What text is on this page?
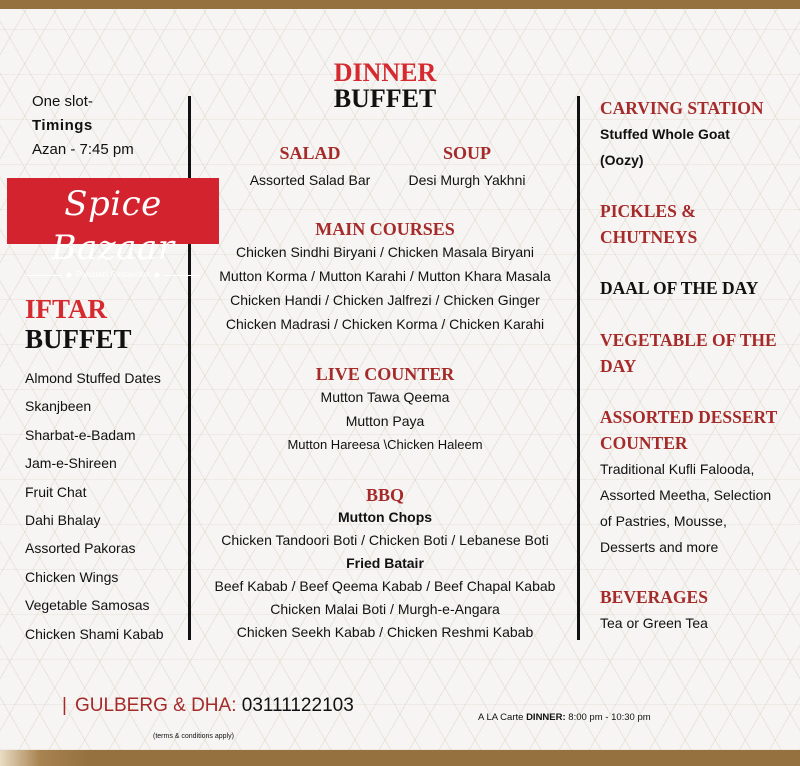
One slot-
Timings
Azan - 7:45 pm
Spice Bazaar
◆ Pakistani Restaurant ◆
IFTAR
BUFFET
Almond Stuffed Dates
Skanjbeen
Sharbat-e-Badam
Jam-e-Shireen
Fruit Chat
Dahi Bhalay
Assorted Pakoras
Chicken Wings
Vegetable Samosas
Chicken Shami Kabab
DINNER
BUFFET
SALAD
Assorted Salad Bar
SOUP
Desi Murgh Yakhni
MAIN COURSES
Chicken Sindhi Biryani / Chicken Masala Biryani
Mutton Korma / Mutton Karahi / Mutton Khara Masala
Chicken Handi / Chicken Jalfrezi / Chicken Ginger
Chicken Madrasi / Chicken Korma / Chicken Karahi
LIVE COUNTER
Mutton Tawa Qeema
Mutton Paya
Mutton Hareesa \Chicken Haleem
BBQ
Mutton Chops
Chicken Tandoori Boti / Chicken Boti / Lebanese Boti
Fried Batair
Beef Kabab / Beef Qeema Kabab / Beef Chapal Kabab
Chicken Malai Boti / Murgh-e-Angara
Chicken Seekh Kabab / Chicken Reshmi Kabab
CARVING STATION
Stuffed Whole Goat
(Oozy)
PICKLES &
CHUTNEYS
DAAL OF THE DAY
VEGETABLE OF THE
DAY
ASSORTED DESSERT
COUNTER
Traditional Kufli Falooda,
Assorted Meetha, Selection
of Pastries, Mousse,
Desserts and more
BEVERAGES
Tea or Green Tea
| GULBERG & DHA: 03111122103
(terms & conditions apply)
A LA Carte DINNER: 8:00 pm - 10:30 pm
